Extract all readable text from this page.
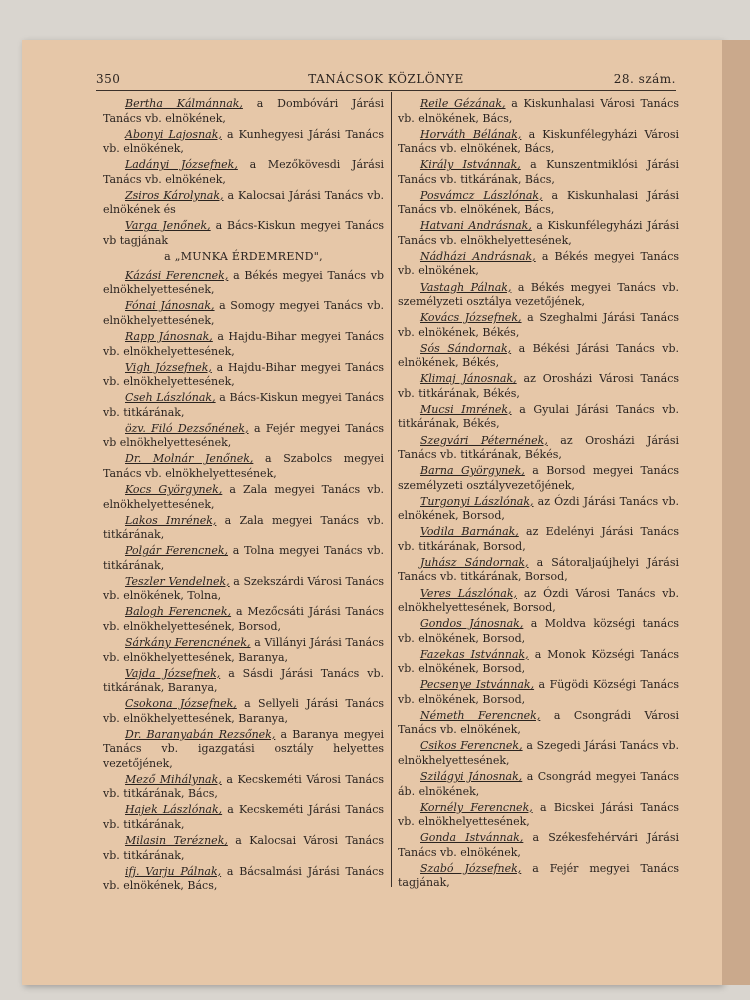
350	TANÁCSOK KÖZLÖNYE	28. szám.

Bertha Kálmánnak, a Dombóvári Járási Tanács vb. elnökének,

Abonyi Lajosnak, a Kunhegyesi Járási Tanács vb. elnökének,

Ladányi Józsefnek, a Mezőkövesdi Járási Tanács vb. elnökének,

Zsiros Károlynak, a Kalocsai Járási Tanács vb. elnökének és

Varga Jenőnek, a Bács-Kiskun megyei Tanács vb tagjának

a „MUNKA ÉRDEMREND",

Kázási Ferencnek, a Békés megyei Tanács vb elnökhelyettesének,

Fónai Jánosnak, a Somogy megyei Tanács vb. elnökhelyettesének,

Rapp Jánosnak, a Hajdu-Bihar megyei Tanács vb. elnökhelyettesének,

Vigh Józsefnek, a Hajdu-Bihar megyei Tanács vb. elnökhelyettesének,

Cseh Lászlónak, a Bács-Kiskun megyei Tanács vb. titkárának,

özv. Filó Dezsőnének, a Fejér megyei Tanács vb elnökhelyettesének,

Dr. Molnár Jenőnek, a Szabolcs megyei Tanács vb. elnökhelyettesének,

Kocs Györgynek, a Zala megyei Tanács vb. elnökhelyettesének,

Lakos Imrének, a Zala megyei Tanács vb. titkárának,

Polgár Ferencnek, a Tolna megyei Tanács vb. titkárának,

Teszler Vendelnek, a Szekszárdi Városi Tanács vb. elnökének, Tolna,

Balogh Ferencnek, a Mezőcsáti Járási Tanács vb. elnökhelyettesének, Borsod,

Sárkány Ferencnének, a Villányi Járási Tanács vb. elnökhelyettesének, Baranya,

Vajda Józsefnek, a Sásdi Járási Tanács vb. titkárának, Baranya,

Csokona Józsefnek, a Sellyeli Járási Tanács vb. elnökhelyettesének, Baranya,

Dr. Baranyabán Rezsőnek, a Baranya megyei Tanács vb. igazgatási osztály helyettes vezetőjének,

Mező Mihálynak, a Kecskeméti Városi Tanács vb. titkárának, Bács,

Hajek Lászlónak, a Kecskeméti Járási Tanács vb. titkárának,

Milasin Teréznek, a Kalocsai Városi Tanács vb. titkárának,

ifj. Varju Pálnak, a Bácsalmási Járási Tanács vb. elnökének, Bács,

Reile Gézának, a Kiskunhalasi Városi Tanács vb. elnökének, Bács,

Horváth Bélának, a Kiskunfélegyházi Városi Tanács vb. elnökének, Bács,

Király Istvánnak, a Kunszentmiklósi Járási Tanács vb. titkárának, Bács,

Posvámcz Lászlónak, a Kiskunhalasi Járási Tanács vb. elnökének, Bács,

Hatvani Andrásnak, a Kiskunfélegyházi Járási Tanács vb. elnökhelyettesének,

Nádházi Andrásnak, a Békés megyei Tanács vb. elnökének,

Vastagh Pálnak, a Békés megyei Tanács vb. személyzeti osztálya vezetőjének,

Kovács Józsefnek, a Szeghalmi Járási Tanács vb. elnökének, Békés,

Sós Sándornak, a Békési Járási Tanács vb. elnökének, Békés,

Klimaj Jánosnak, az Orosházi Városi Tanács vb. titkárának, Békés,

Mucsi Imrének, a Gyulai Járási Tanács vb. titkárának, Békés,

Szegvári Péternének, az Orosházi Járási Tanács vb. titkárának, Békés,

Barna Györgynek, a Borsod megyei Tanács személyzeti osztályvezetőjének,

Turgonyi Lászlónak, az Ózdi Járási Tanács vb. elnökének, Borsod,

Vodila Barnának, az Edelényi Járási Tanács vb. titkárának, Borsod,

Juhász Sándornak, a Sátoraljaújhelyi Járási Tanács vb. titkárának, Borsod,

Veres Lászlónak, az Ózdi Városi Tanács vb. elnökhelyettesének, Borsod,

Gondos Jánosnak, a Moldva községi tanács vb. elnökének, Borsod,

Fazekas Istvánnak, a Monok Községi Tanács vb. elnökének, Borsod,

Pecsenye Istvánnak, a Fügödi Községi Tanács vb. elnökének, Borsod,

Németh Ferencnek, a Csongrádi Városi Tanács vb. elnökének,

Csikos Ferencnek, a Szegedi Járási Tanács vb. elnökhelyettesének,

Szilágyi Jánosnak, a Csongrád megyei Tanács áb. elnökének,

Kornély Ferencnek, a Bicskei Járási Tanács vb. elnökhelyettesének,

Gonda Istvánnak, a Székesfehérvári Járási Tanács vb. elnökének,

Szabó Józsefnek, a Fejér megyei Tanács tagjának,
